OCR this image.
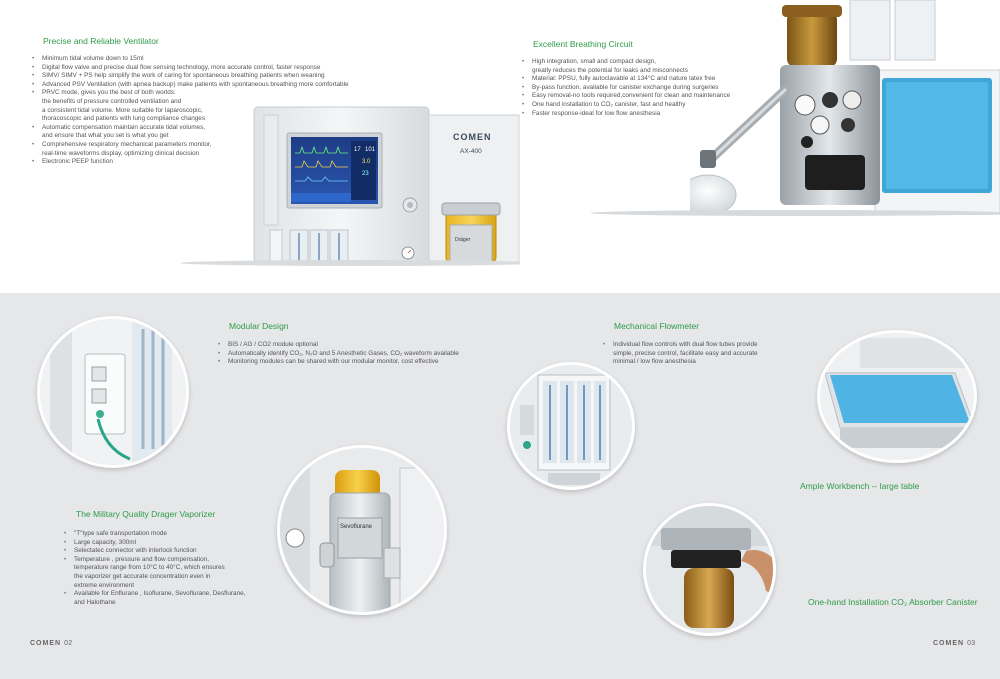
Precise and Reliable Ventilator
• Minimum tidal volume down to 15ml
• Digital flow valve and precise dual flow sensing technology, more accurate control, faster response
• SIMV/ SIMV + PS help simplify the work of caring for spontaneous breathing patients when weaning
• Advanced PSV Ventilation (with apnea backup) make patients with spontaneous breathing more comfortable
• PRVC mode, gives you the best of both worlds:
the benefits of pressure controlled ventilation and
a consistent tidal volume. More suitable for laparoscopic,
thoracoscopic and patients with lung compliance changes
• Automatic compensation maintain accurate tidal volumes,
and ensure that what you set is what you get
• Comprehensive respiratory mechanical parameters monitor,
real-time waveforms display, optimizing clinical decision
• Electronic PEEP function
17 101
3.0
23
COMEN
AX-400
Dräger
Excellent Breathing Circuit
• High integration, small and compact design,
greatly reduces the potential for leaks and misconnects
• Material: PPSU, fully autoclavable at 134°C and nature latex free
• By-pass function, available for canister exchange during surgeries
• Easy removal-no tools required,convenient for clean and maintenance
• One hand installation to CO₂ canister, fast and healthy
• Faster response-ideal for low flow anesthesia
Modular Design
• BIS / AG / CO2 module optional
• Automatically identify CO₂, N₂O and 5 Anesthetic Gases, CO₂ waveform available
• Monitoring modules can be shared with our modular monitor, cost effective
Mechanical Flowmeter
• Individual flow controls with dual flow tubes provide
simple, precise control, facilitate easy and accurate
minimal / low flow anesthesia
Ample Workbench -- large table
Sevoflurane
The Military Quality Drager Vaporizer
• "T"type safe transportation mode
• Large capacity, 300ml
• Selectatec connector with interlock function
• Temperature , pressure and flow compensation,
temperature range from 10°C to 40°C, which ensures
the vaporizer get accurate concentration even in
extreme environment
• Available for Enflurane , Isoflurane, Sevoflurane, Desflurane,
and Halothane	One-hand Installation CO₂ Absorber Canister
COMEN 02	COMEN 03
